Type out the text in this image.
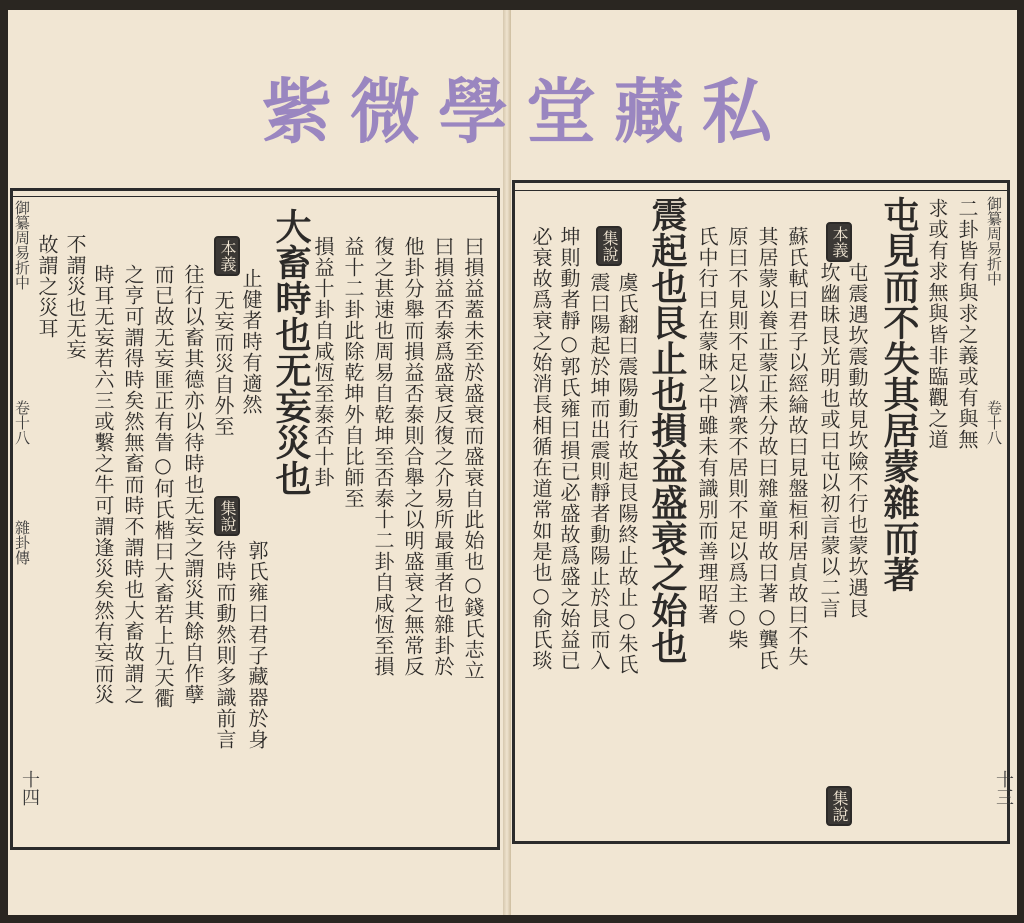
紫 微 學 堂 藏 私
御纂周易折中
卷十八
雜卦傳
十四
曰損益蓋未至於盛衰而盛衰自此始也○錢氏志立
曰損益否泰爲盛衰反復之介易所最重者也雜卦於
他卦分舉而損益否泰則合舉之以明盛衰之無常反
復之甚速也周易自乾坤至否泰十二卦自咸恆至損
益十二卦此除乾坤外自比師至
損益十卦自咸恆至泰否十卦
大畜時也无妄災也
本義
止健者時有適然
无妄而災自外至
集說
郭氏雍曰君子藏器於身
待時而動然則多識前言
往行以畜其德亦以待時也无妄之謂災其餘自作孽
而已故无妄匪正有眚○何氏楷曰大畜若上九天衢
之亨可謂得時矣然無畜而時不謂時也大畜故謂之
時耳无妄若六三或繫之牛可謂逢災矣然有妄而災
不謂災也无妄
故謂之災耳	御纂周易折中
卷十八
十三
二卦皆有與求之義或有與無
求或有求無與皆非臨觀之道
屯見而不失其居蒙雜而著
本義
屯震遇坎震動故見坎險不行也蒙坎遇艮
坎幽昧艮光明也或曰屯以初言蒙以二言
集說
蘇氏軾曰君子以經綸故曰見盤桓利居貞故曰不失
其居蒙以養正蒙正未分故曰雜童明故曰著○龔氏
原曰不見則不足以濟衆不居則不足以爲主○柴
氏中行曰在蒙昧之中雖未有識別而善理昭著
震起也艮止也損益盛衰之始也
集說
虞氏翻曰震陽動行故起艮陽終止故止○朱氏
震曰陽起於坤而出震則靜者動陽止於艮而入
坤則動者靜○郭氏雍曰損已必盛故爲盛之始益已
必衰故爲衰之始消長相循在道常如是也○俞氏琰
